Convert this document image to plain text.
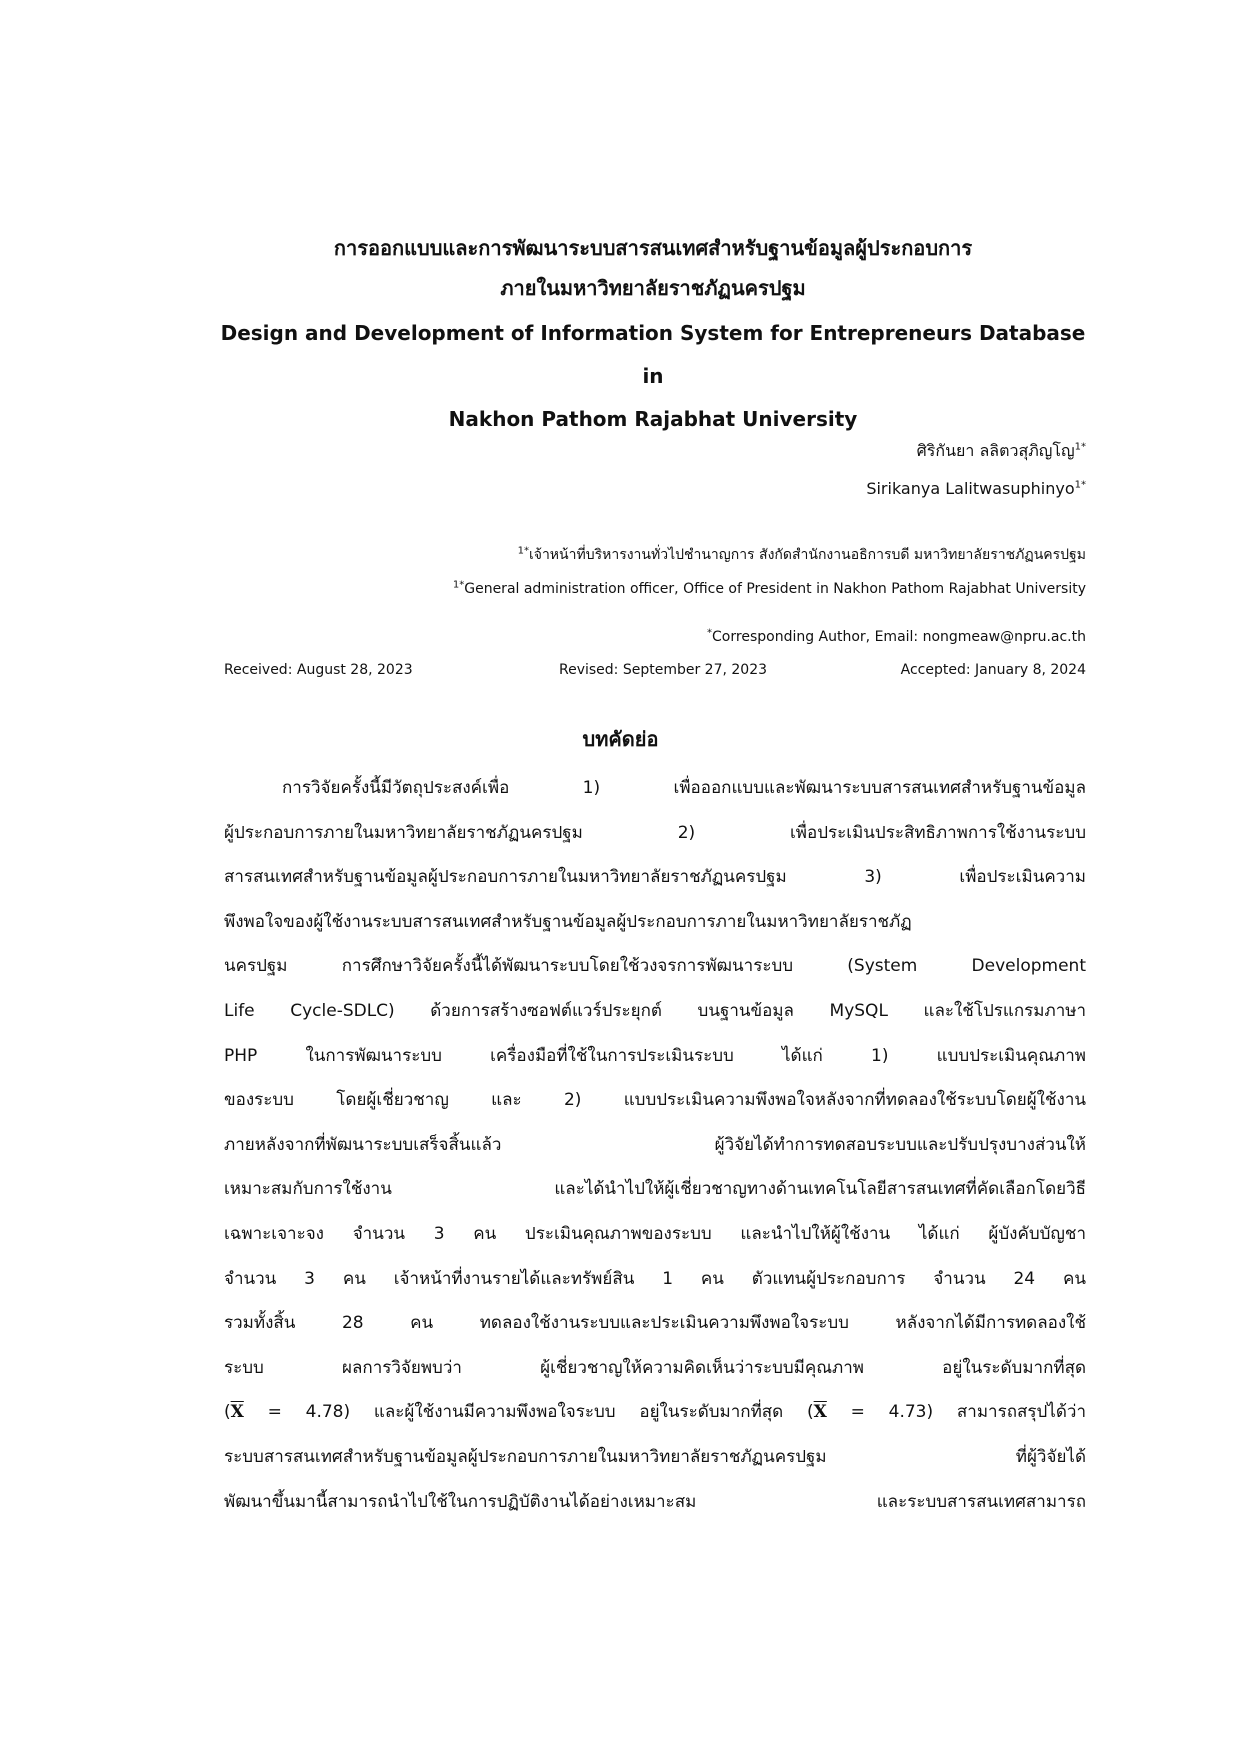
การออกแบบและการพัฒนาระบบสารสนเทศสำหรับฐานข้อมูลผู้ประกอบการ
ภายในมหาวิทยาลัยราชภัฏนครปฐม
Design and Development of Information System for Entrepreneurs Database in
Nakhon Pathom Rajabhat University
ศิริกันยา ลลิตวสุภิญโญ$^{1*}$
Sirikanya Lalitwasuphinyo$^{1*}$
$^{1*}$เจ้าหน้าที่บริหารงานทั่วไปชำนาญการ สังกัดสำนักงานอธิการบดี มหาวิทยาลัยราชภัฏนครปฐม
$^{1*}$General administration officer, Office of President in Nakhon Pathom Rajabhat University
*Corresponding Author, Email: nongmeaw@npru.ac.th
Received: August 28, 2023	Revised: September 27, 2023	Accepted: January 8, 2024
บทคัดย่อ
การวิจัยครั้งนี้มีวัตถุประสงค์เพื่อ 1) เพื่อออกแบบและพัฒนาระบบสารสนเทศสำหรับฐานข้อมูล
ผู้ประกอบการภายในมหาวิทยาลัยราชภัฏนครปฐม 2) เพื่อประเมินประสิทธิภาพการใช้งานระบบ
สารสนเทศสำหรับฐานข้อมูลผู้ประกอบการภายในมหาวิทยาลัยราชภัฏนครปฐม 3) เพื่อประเมินความ
พึงพอใจของผู้ใช้งานระบบสารสนเทศสำหรับฐานข้อมูลผู้ประกอบการภายในมหาวิทยาลัยราชภัฏ
นครปฐม การศึกษาวิจัยครั้งนี้ได้พัฒนาระบบโดยใช้วงจรการพัฒนาระบบ (System Development
Life Cycle-SDLC) ด้วยการสร้างซอฟต์แวร์ประยุกต์ บนฐานข้อมูล MySQL และใช้โปรแกรมภาษา
PHP ในการพัฒนาระบบ เครื่องมือที่ใช้ในการประเมินระบบ ได้แก่ 1) แบบประเมินคุณภาพ
ของระบบ โดยผู้เชี่ยวชาญ และ 2) แบบประเมินความพึงพอใจหลังจากที่ทดลองใช้ระบบโดยผู้ใช้งาน
ภายหลังจากที่พัฒนาระบบเสร็จสิ้นแล้ว ผู้วิจัยได้ทำการทดสอบระบบและปรับปรุงบางส่วนให้
เหมาะสมกับการใช้งาน และได้นำไปให้ผู้เชี่ยวชาญทางด้านเทคโนโลยีสารสนเทศที่คัดเลือกโดยวิธี
เฉพาะเจาะจง จำนวน 3 คน ประเมินคุณภาพของระบบ และนำไปให้ผู้ใช้งาน ได้แก่ ผู้บังคับบัญชา
จำนวน 3 คน เจ้าหน้าที่งานรายได้และทรัพย์สิน 1 คน ตัวแทนผู้ประกอบการ จำนวน 24 คน
รวมทั้งสิ้น 28 คน ทดลองใช้งานระบบและประเมินความพึงพอใจระบบ หลังจากได้มีการทดลองใช้
ระบบ ผลการวิจัยพบว่า ผู้เชี่ยวชาญให้ความคิดเห็นว่าระบบมีคุณภาพ อยู่ในระดับมากที่สุด
$(\overline{X} = 4.78)$ และผู้ใช้งานมีความพึงพอใจระบบ อยู่ในระดับมากที่สุด $(\overline{X} = 4.73)$ สามารถสรุปได้ว่า
ระบบสารสนเทศสำหรับฐานข้อมูลผู้ประกอบการภายในมหาวิทยาลัยราชภัฏนครปฐม ที่ผู้วิจัยได้
พัฒนาขึ้นมานี้สามารถนำไปใช้ในการปฏิบัติงานได้อย่างเหมาะสม และระบบสารสนเทศสามารถ
